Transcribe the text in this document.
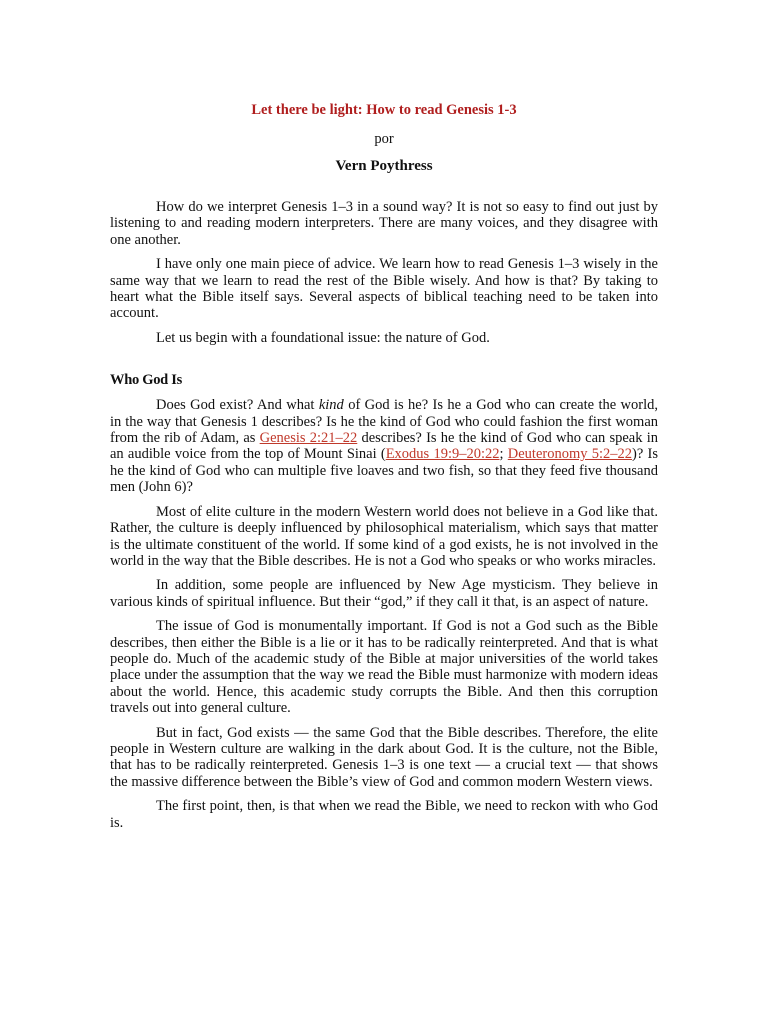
Let there be light: How to read Genesis 1-3
por
Vern Poythress

How do we interpret Genesis 1–3 in a sound way? It is not so easy to find out just by listening to and reading modern interpreters. There are many voices, and they disagree with one another.

I have only one main piece of advice. We learn how to read Genesis 1–3 wisely in the same way that we learn to read the rest of the Bible wisely. And how is that? By taking to heart what the Bible itself says. Several aspects of biblical teaching need to be taken into account.

Let us begin with a foundational issue: the nature of God.

Who God Is

Does God exist? And what kind of God is he? Is he a God who can create the world, in the way that Genesis 1 describes? Is he the kind of God who could fashion the first woman from the rib of Adam, as Genesis 2:21–22 describes? Is he the kind of God who can speak in an audible voice from the top of Mount Sinai (Exodus 19:9–20:22; Deuteronomy 5:2–22)? Is he the kind of God who can multiple five loaves and two fish, so that they feed five thousand men (John 6)?

Most of elite culture in the modern Western world does not believe in a God like that. Rather, the culture is deeply influenced by philosophical materialism, which says that matter is the ultimate constituent of the world. If some kind of a god exists, he is not involved in the world in the way that the Bible describes. He is not a God who speaks or who works miracles.

In addition, some people are influenced by New Age mysticism. They believe in various kinds of spiritual influence. But their “god,” if they call it that, is an aspect of nature.

The issue of God is monumentally important. If God is not a God such as the Bible describes, then either the Bible is a lie or it has to be radically reinterpreted. And that is what people do. Much of the academic study of the Bible at major universities of the world takes place under the assumption that the way we read the Bible must harmonize with modern ideas about the world. Hence, this academic study corrupts the Bible. And then this corruption travels out into general culture.

But in fact, God exists — the same God that the Bible describes. Therefore, the elite people in Western culture are walking in the dark about God. It is the culture, not the Bible, that has to be radically reinterpreted. Genesis 1–3 is one text — a crucial text — that shows the massive difference between the Bible’s view of God and common modern Western views.

The first point, then, is that when we read the Bible, we need to reckon with who God is.
